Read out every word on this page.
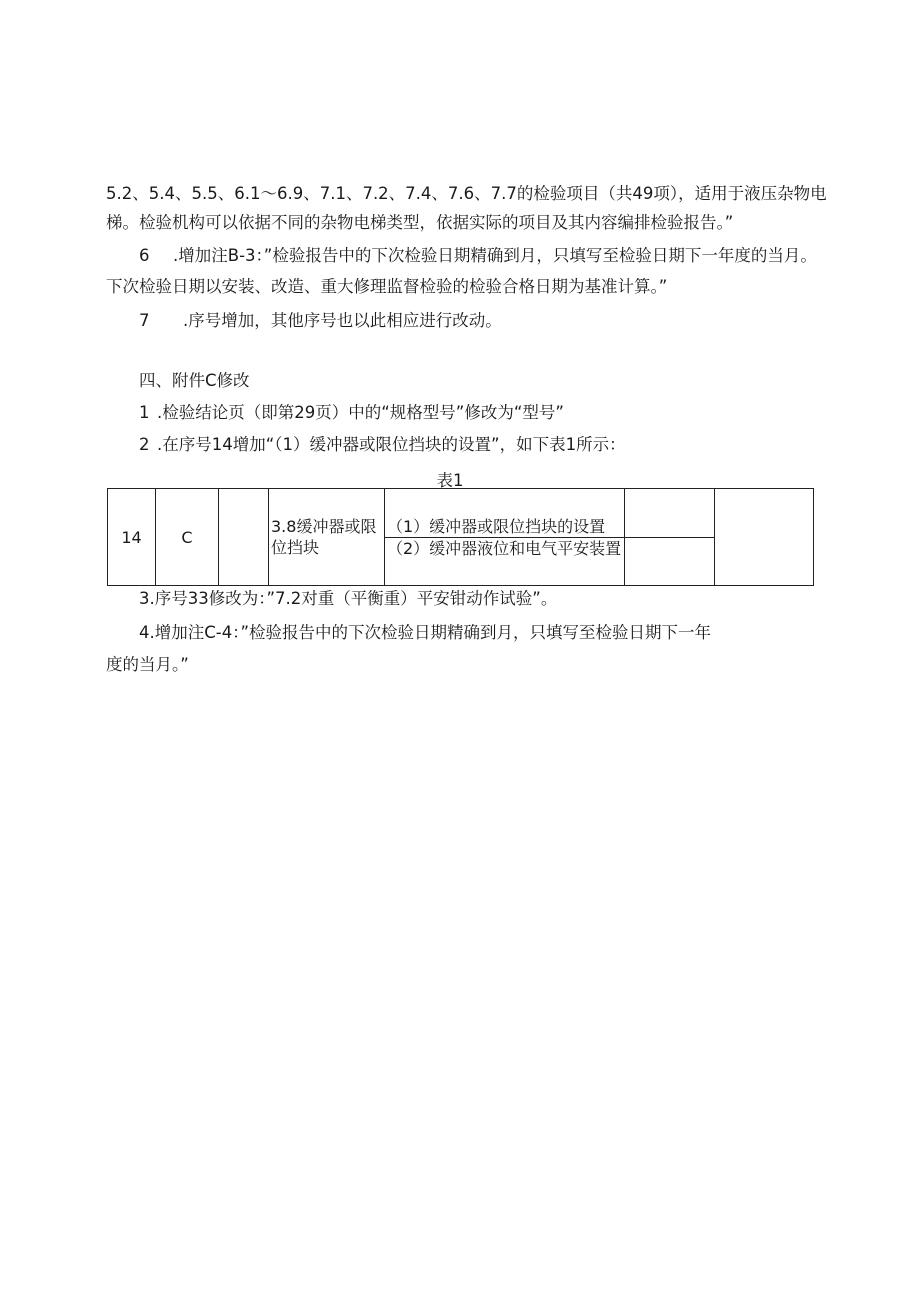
5.2、5.4、5.5、6.1～6.9、7.1、7.2、7.4、7.6、7.7的检验项目（共49项），适用于液压杂物电
梯。检验机构可以依据不同的杂物电梯类型，依据实际的项目及其内容编排检验报告。”
6 .增加注B-3：”检验报告中的下次检验日期精确到月，只填写至检验日期下一年度的当月。
下次检验日期以安装、改造、重大修理监督检验的检验合格日期为基准计算。”
7 .序号增加，其他序号也以此相应进行改动。
四、附件C修改
1 .检验结论页（即第29页）中的“规格型号”修改为“型号”
2 .在序号14增加“（1）缓冲器或限位挡块的设置”，如下表1所示：
表1
14	C		3.8缓冲器或限位挡块	（1）缓冲器或限位挡块的设置		
				（2）缓冲器液位和电气平安装置		
3.序号33修改为：”7.2对重（平衡重）平安钳动作试验”。
4.增加注C-4：”检验报告中的下次检验日期精确到月，只填写至检验日期下一年
度的当月。”
